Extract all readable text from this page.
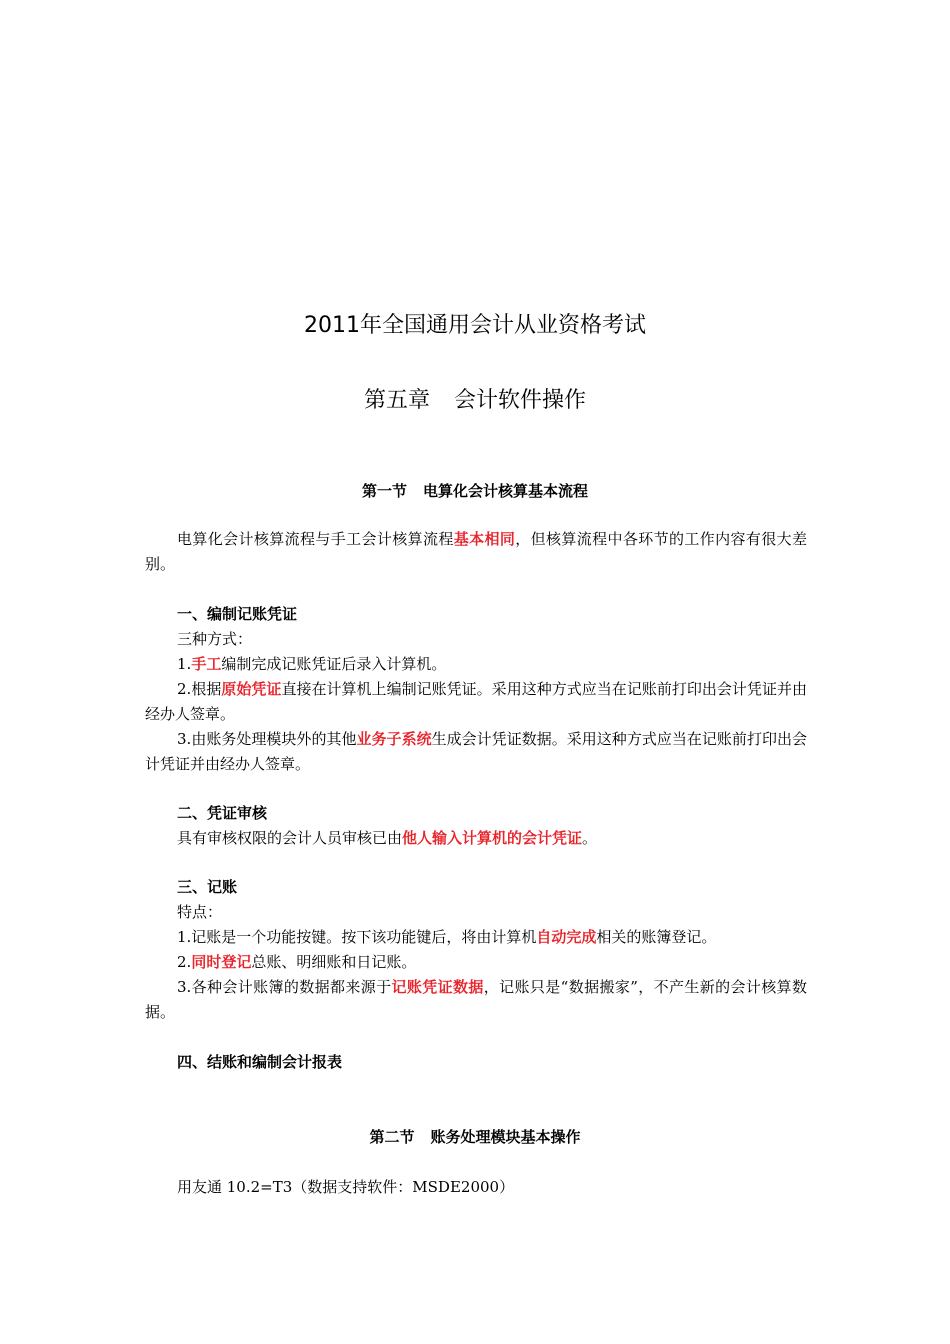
2011年全国通用会计从业资格考试
第五章 会计软件操作
第一节 电算化会计核算基本流程
电算化会计核算流程与手工会计核算流程基本相同，但核算流程中各环节的工作内容有很大差别。
一、编制记账凭证
三种方式：
1.手工编制完成记账凭证后录入计算机。
2.根据原始凭证直接在计算机上编制记账凭证。采用这种方式应当在记账前打印出会计凭证并由经办人签章。
3.由账务处理模块外的其他业务子系统生成会计凭证数据。采用这种方式应当在记账前打印出会计凭证并由经办人签章。
二、凭证审核
具有审核权限的会计人员审核已由他人输入计算机的会计凭证。
三、记账
特点：
1.记账是一个功能按键。按下该功能键后，将由计算机自动完成相关的账簿登记。
2.同时登记总账、明细账和日记账。
3.各种会计账簿的数据都来源于记账凭证数据，记账只是“数据搬家”，不产生新的会计核算数据。
四、结账和编制会计报表
第二节 账务处理模块基本操作
用友通 10.2=T3（数据支持软件：MSDE2000）
